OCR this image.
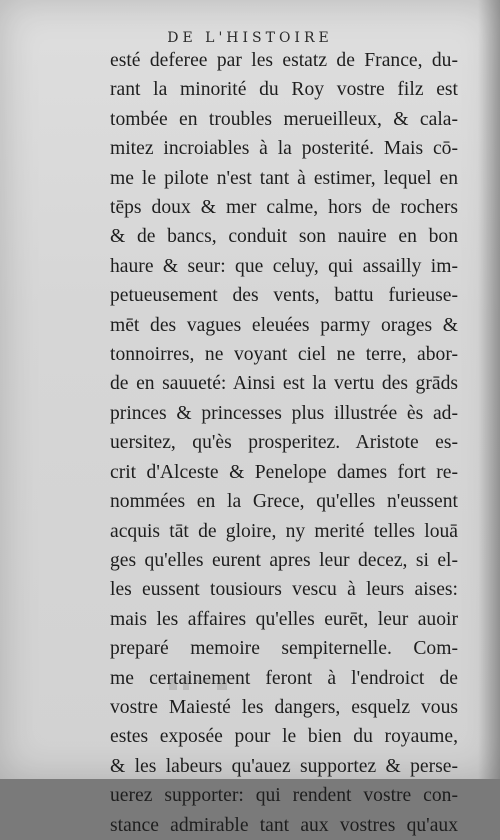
DE L'HISTOIRE
esté deferee par les estatz de France, du-
rant la minorité du Roy vostre filz est
tombée en troubles merueilleux, & cala-
mitez incroiables à la posterité. Mais cō-
me le pilote n'est tant à estimer, lequel en
tēps doux & mer calme, hors de rochers
& de bancs, conduit son nauire en bon
haure & seur: que celuy, qui assailly im-
petueusement des vents, battu furieuse-
mēt des vagues eleuées parmy orages &
tonnoirres, ne voyant ciel ne terre, abor-
de en sauueté: Ainsi est la vertu des grāds
princes & princesses plus illustrée ès ad-
uersitez, qu'ès prosperitez. Aristote es-
crit d'Alceste & Penelope dames fort re-
nommées en la Grece, qu'elles n'eussent
acquis tāt de gloire, ny merité telles louā
ges qu'elles eurent apres leur decez, si el-
les eussent tousiours vescu à leurs aises:
mais les affaires qu'elles eurēt, leur auoir
preparé memoire sempiternelle. Com-
me certainement feront à l'endroict de
vostre Maiesté les dangers, esquelz vous
estes exposée pour le bien du royaume,
& les labeurs qu'auez supportez & perse-
uerez supporter: qui rendent vostre con-
stance admirable tant aux vostres qu'aux
